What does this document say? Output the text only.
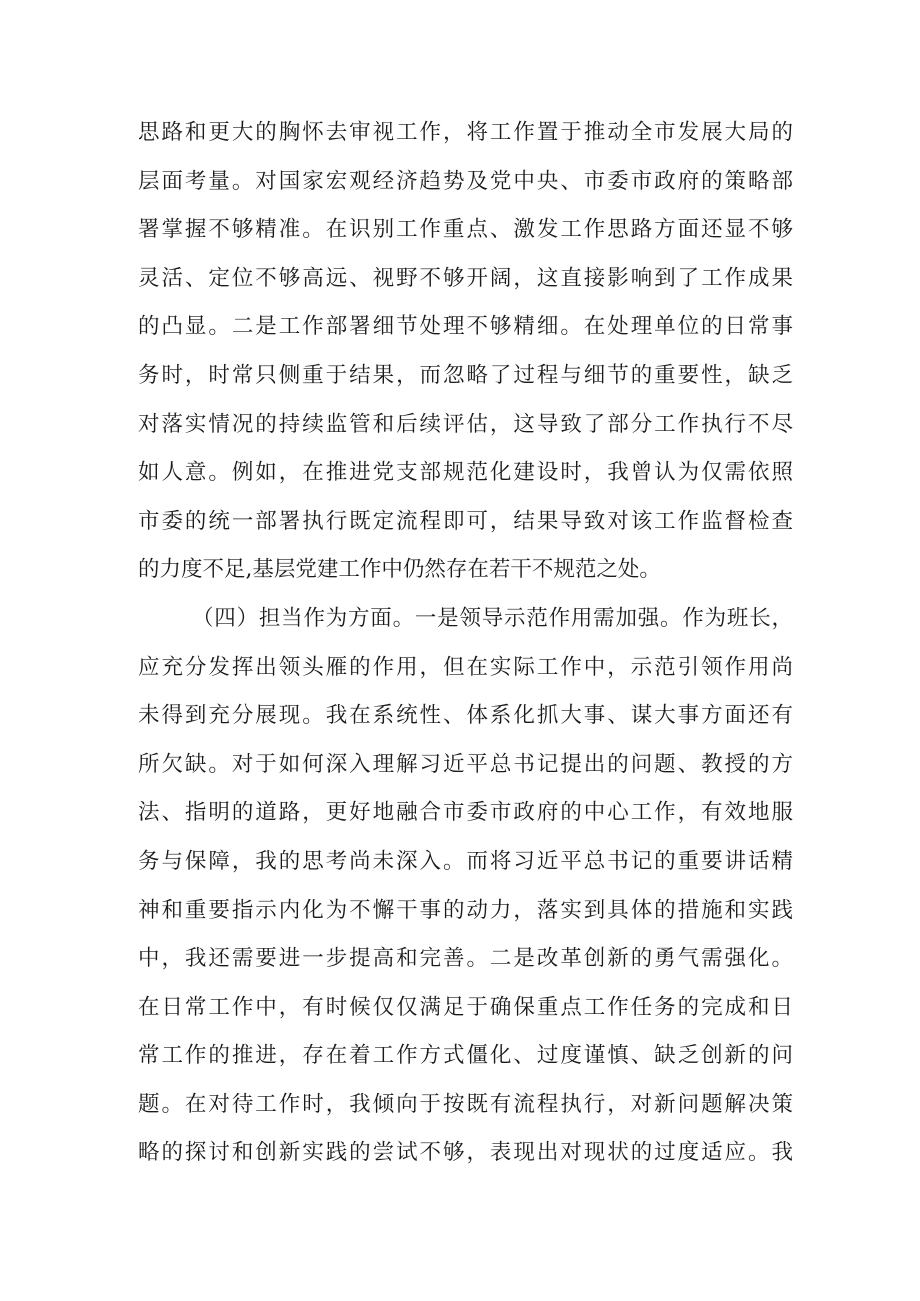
思路和更大的胸怀去审视工作，将工作置于推动全市发展大局的
层面考量。对国家宏观经济趋势及党中央、市委市政府的策略部
署掌握不够精准。在识别工作重点、激发工作思路方面还显不够
灵活、定位不够高远、视野不够开阔，这直接影响到了工作成果
的凸显。二是工作部署细节处理不够精细。在处理单位的日常事
务时，时常只侧重于结果，而忽略了过程与细节的重要性，缺乏
对落实情况的持续监管和后续评估，这导致了部分工作执行不尽
如人意。例如，在推进党支部规范化建设时，我曾认为仅需依照
市委的统一部署执行既定流程即可，结果导致对该工作监督检查
的力度不足,基层党建工作中仍然存在若干不规范之处。
（四）担当作为方面。一是领导示范作用需加强。作为班长，
应充分发挥出领头雁的作用，但在实际工作中，示范引领作用尚
未得到充分展现。我在系统性、体系化抓大事、谋大事方面还有
所欠缺。对于如何深入理解习近平总书记提出的问题、教授的方
法、指明的道路，更好地融合市委市政府的中心工作，有效地服
务与保障，我的思考尚未深入。而将习近平总书记的重要讲话精
神和重要指示内化为不懈干事的动力，落实到具体的措施和实践
中，我还需要进一步提高和完善。二是改革创新的勇气需强化。
在日常工作中，有时候仅仅满足于确保重点工作任务的完成和日
常工作的推进，存在着工作方式僵化、过度谨慎、缺乏创新的问
题。在对待工作时，我倾向于按既有流程执行，对新问题解决策
略的探讨和创新实践的尝试不够，表现出对现状的过度适应。我
